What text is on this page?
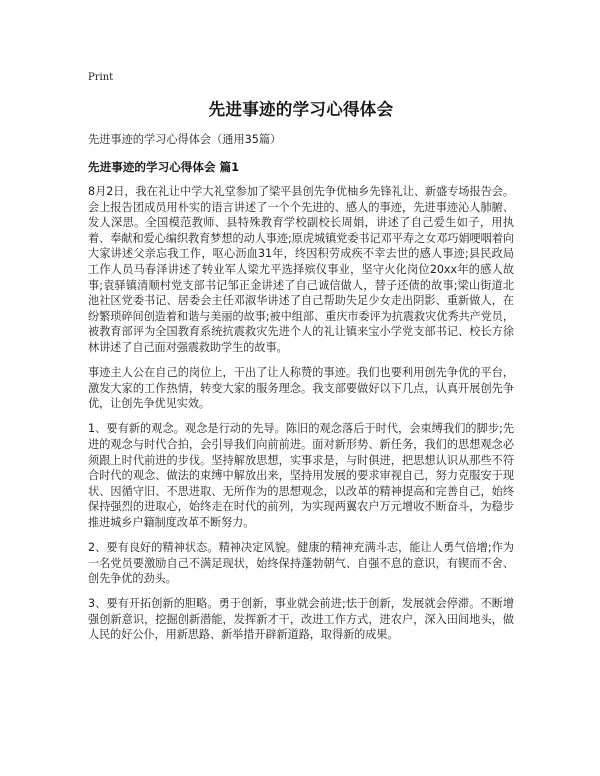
Print
先进事迹的学习心得体会
先进事迹的学习心得体会（通用35篇）
先进事迹的学习心得体会 篇1

8月2日，我在礼让中学大礼堂参加了梁平县创先争优柚乡先锋礼让、新盛专场报告会。会上报告团成员用朴实的语言讲述了一个个先进的、感人的事迹，先进事迹沁人肺腑、发人深思。全国模范教师、县特殊教育学校副校长周娟，讲述了自己爱生如子，用执着、奉献和爱心编织教育梦想的动人事迹;原虎城镇党委书记邓平寿之女邓巧娟哽咽着向大家讲述父亲忘我工作，呕心沥血31年，终因积劳成疾不幸去世的感人事迹;县民政局工作人员马春泽讲述了转业军人梁尤平选择殡仪事业，坚守火化岗位20xx年的感人故事;袁驿镇清顺村党支部书记邹正金讲述了自己诚信做人，替子还债的故事;梁山街道北池社区党委书记、居委会主任邓淑华讲述了自己帮助失足少女走出阴影、重新做人，在纷繁琐碎间创造着和谐与美丽的故事;被中组部、重庆市委评为抗震救灾优秀共产党员，被教育部评为全国教育系统抗震救灾先进个人的礼让镇来宝小学党支部书记、校长方徐林讲述了自己面对强震救助学生的故事。

事迹主人公在自己的岗位上，干出了让人称赞的事迹。我们也要利用创先争优的平台，激发大家的工作热情，转变大家的服务理念。我支部要做好以下几点，认真开展创先争优，让创先争优见实效。

1、要有新的观念。观念是行动的先导。陈旧的观念落后于时代，会束缚我们的脚步;先进的观念与时代合拍，会引导我们向前前进。面对新形势、新任务，我们的思想观念必须跟上时代前进的步伐。坚持解放思想，实事求是，与时俱进，把思想认识从那些不符合时代的观念、做法的束缚中解放出来，坚持用发展的要求审视自己，努力克服安于现状、因循守旧、不思进取、无所作为的思想观念，以改革的精神提高和完善自己，始终保持强烈的进取心，始终走在时代的前列，为实现两翼农户万元增收不断奋斗，为稳步推进城乡户籍制度改革不断努力。

2、要有良好的精神状态。精神决定风貌。健康的精神充满斗志，能让人勇气倍增;作为一名党员要激励自己不满足现状，始终保持蓬勃朝气、自强不息的意识，有锲而不舍、创先争优的劲头。

3、要有开拓创新的胆略。勇于创新，事业就会前进;怯于创新，发展就会停滞。不断增强创新意识，挖掘创新潜能，发挥新才干，改进工作方式，进农户，深入田间地头，做人民的好公仆，用新思路、新举措开辟新道路，取得新的成果。
